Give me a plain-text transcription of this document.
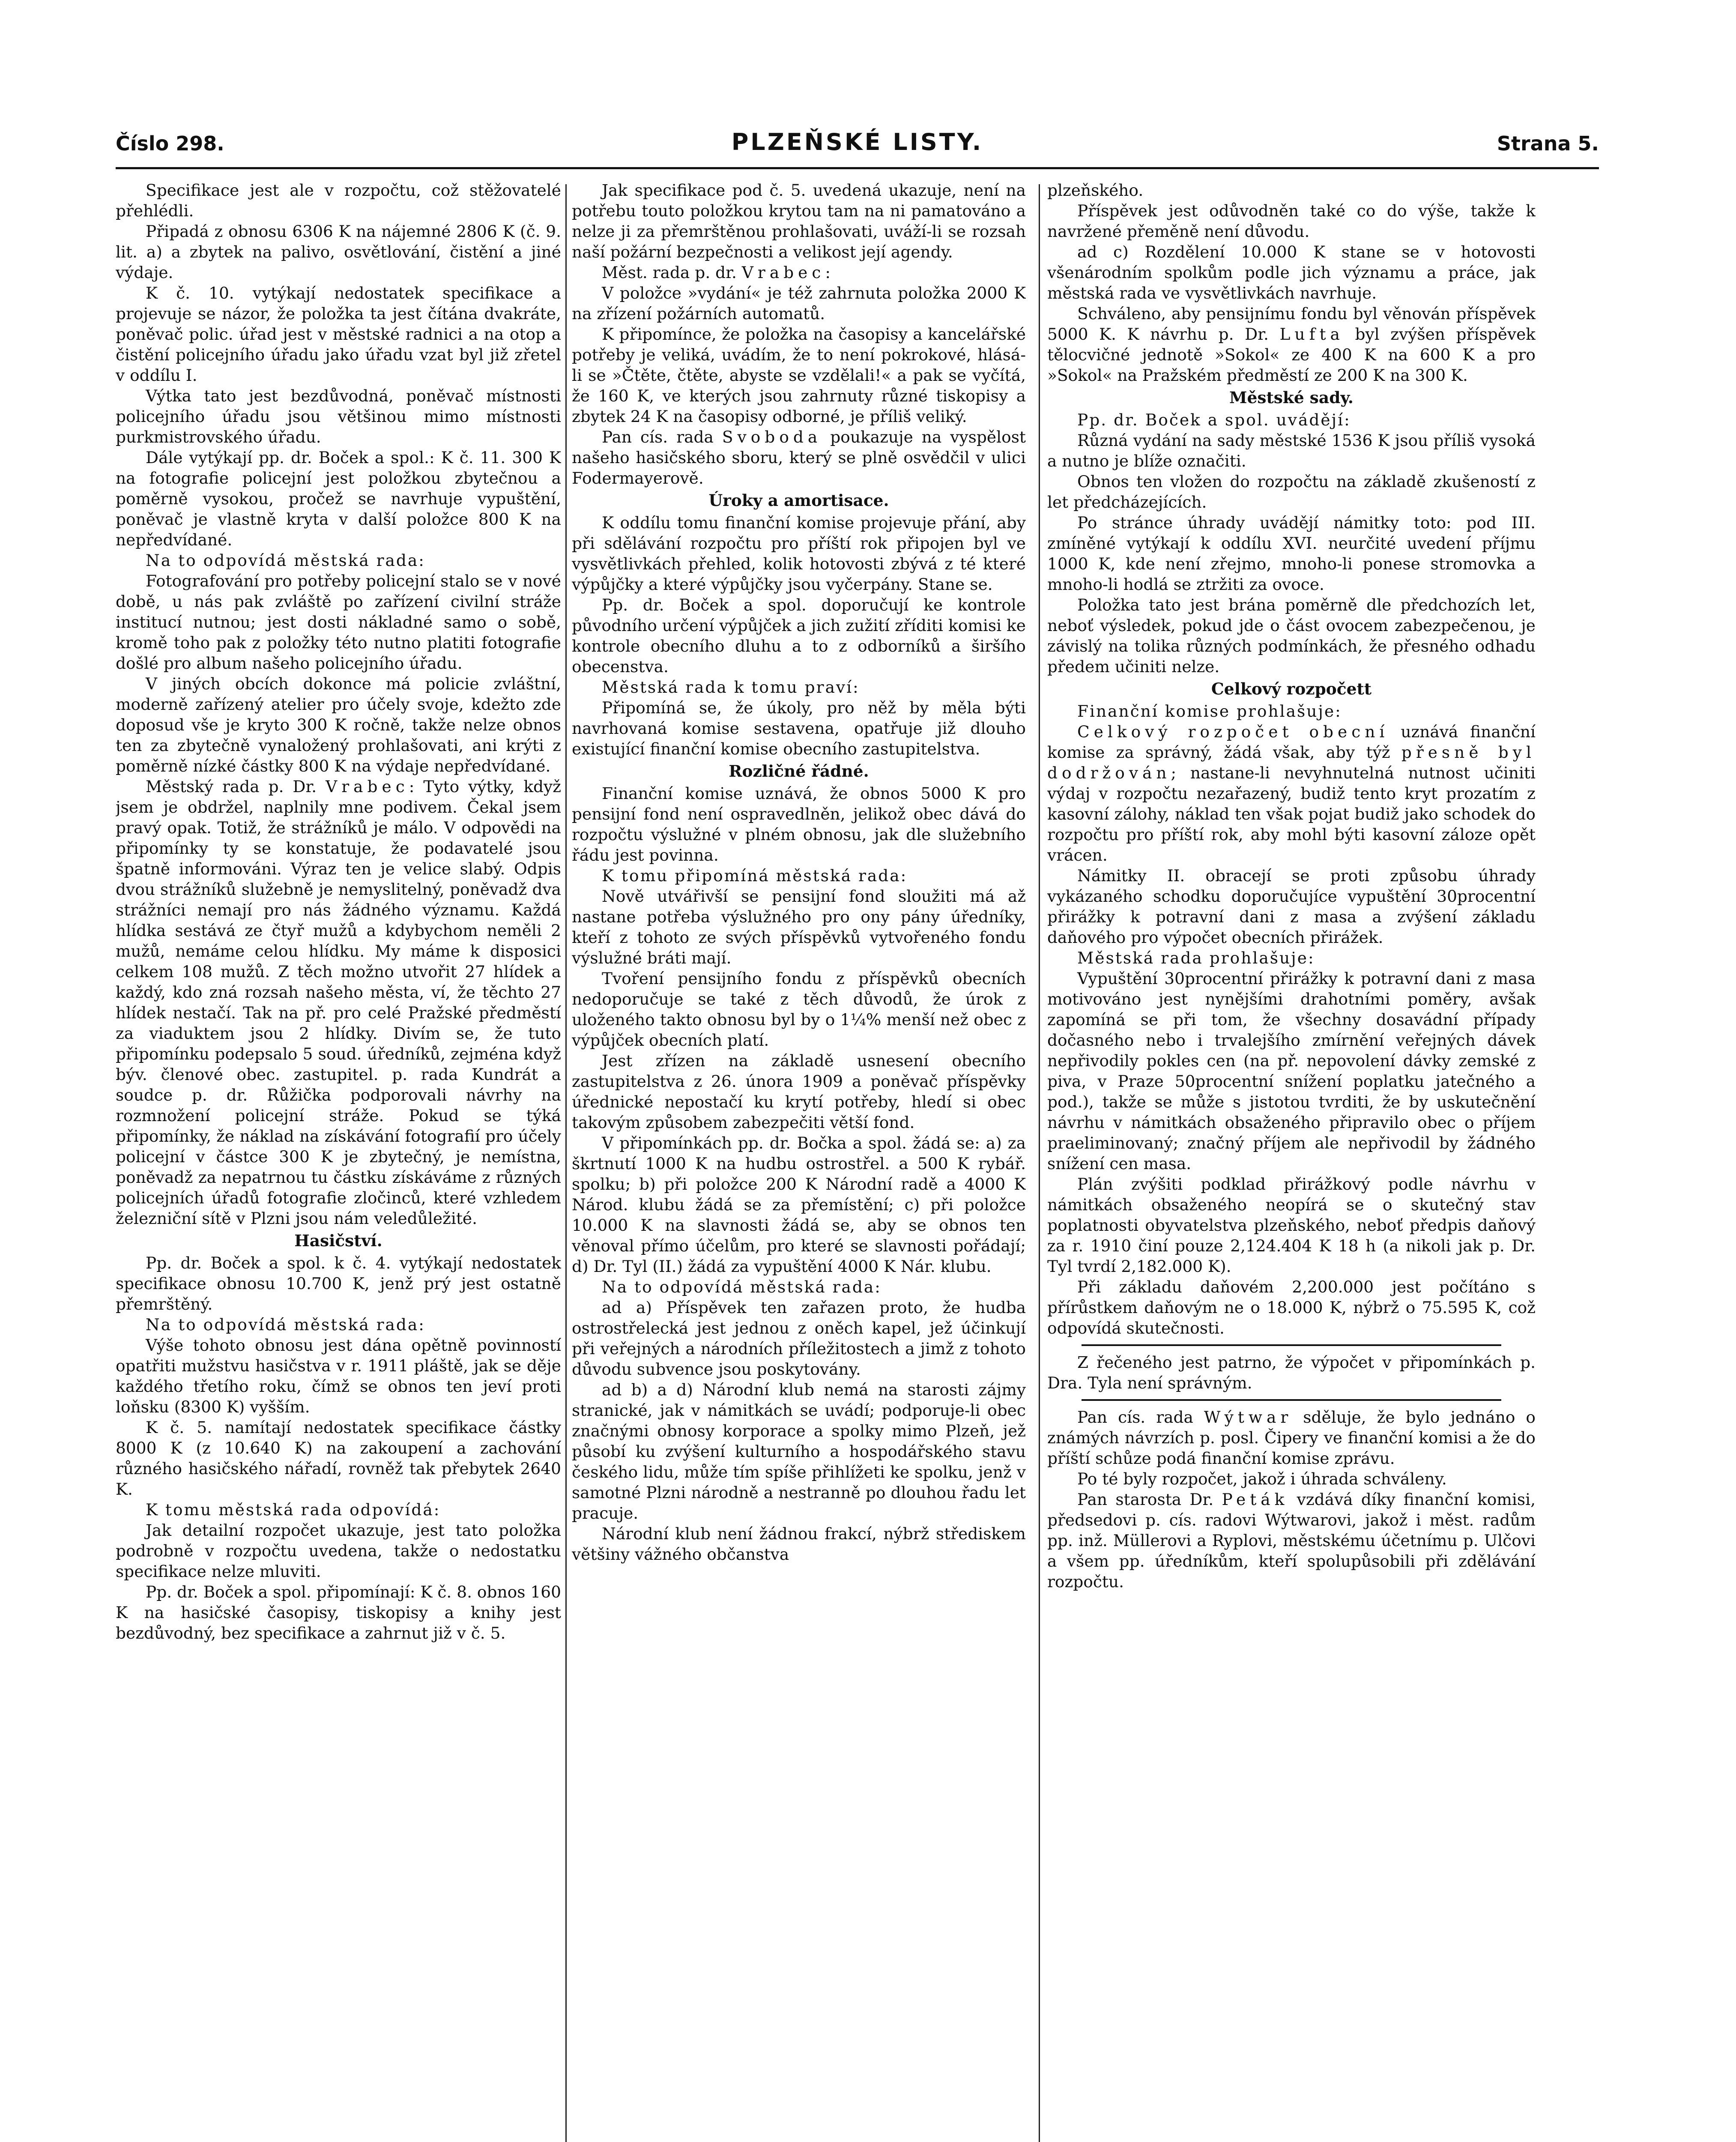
Číslo 298.	PLZEŇSKÉ LISTY.	Strana 5.

Specifikace jest ale v rozpočtu, což stěžovatelé přehlédli.

Připadá z obnosu 6306 K na nájemné 2806 K (č. 9. lit. a) a zbytek na palivo, osvětlování, čistění a jiné výdaje.

K č. 10. vytýkají nedostatek specifikace a projevuje se názor, že položka ta jest čítána dvakráte, poněvač polic. úřad jest v městské radnici a na otop a čistění policejního úřadu jako úřadu vzat byl již zřetel v oddílu I.

Výtka tato jest bezdůvodná, poněvač místnosti policejního úřadu jsou většinou mimo místnosti purkmistrovského úřadu.

Dále vytýkají pp. dr. Boček a spol.: K č. 11. 300 K na fotografie policejní jest položkou zbytečnou a poměrně vysokou, pročež se navrhuje vypuštění, poněvač je vlastně kryta v další položce 800 K na nepředvídané.

Na to odpovídá městská rada:

Fotografování pro potřeby policejní stalo se v nové době, u nás pak zvláště po zařízení civilní stráže institucí nutnou; jest dosti nákladné samo o sobě, kromě toho pak z položky této nutno platiti fotografie došlé pro album našeho policejního úřadu.

V jiných obcích dokonce má policie zvláštní, moderně zařízený atelier pro účely svoje, kdežto zde doposud vše je kryto 300 K ročně, takže nelze obnos ten za zbytečně vynaložený prohlašovati, ani krýti z poměrně nízké částky 800 K na výdaje nepředvídané.

Městský rada p. Dr. Vrabec: Tyto výtky, když jsem je obdržel, naplnily mne podivem. Čekal jsem pravý opak. Totiž, že strážníků je málo. V odpovědi na připomínky ty se konstatuje, že podavatelé jsou špatně informováni. Výraz ten je velice slabý. Odpis dvou strážníků služebně je nemyslitelný, poněvadž dva strážníci nemají pro nás žádného významu. Každá hlídka sestává ze čtyř mužů a kdybychom neměli 2 mužů, nemáme celou hlídku. My máme k disposici celkem 108 mužů. Z těch možno utvořit 27 hlídek a každý, kdo zná rozsah našeho města, ví, že těchto 27 hlídek nestačí. Tak na př. pro celé Pražské předměstí za viaduktem jsou 2 hlídky. Divím se, že tuto připomínku podepsalo 5 soud. úředníků, zejména když býv. členové obec. zastupitel. p. rada Kundrát a soudce p. dr. Růžička podporovali návrhy na rozmnožení policejní stráže. Pokud se týká připomínky, že náklad na získávání fotografií pro účely policejní v částce 300 K je zbytečný, je nemístna, poněvadž za nepatrnou tu částku získáváme z různých policejních úřadů fotografie zločinců, které vzhledem železniční sítě v Plzni jsou nám veledůležité.

Hasičství.

Pp. dr. Boček a spol. k č. 4. vytýkají nedostatek specifikace obnosu 10.700 K, jenž prý jest ostatně přemrštěný.

Na to odpovídá městská rada:

Výše tohoto obnosu jest dána opětně povinností opatřiti mužstvu hasičstva v r. 1911 pláště, jak se děje každého třetího roku, čímž se obnos ten jeví proti loňsku (8300 K) vyšším.

K č. 5. namítají nedostatek specifikace částky 8000 K (z 10.640 K) na zakoupení a zachování různého hasičského nářadí, rovněž tak přebytek 2640 K.

K tomu městská rada odpovídá:

Jak detailní rozpočet ukazuje, jest tato položka podrobně v rozpočtu uvedena, takže o nedostatku specifikace nelze mluviti.

Pp. dr. Boček a spol. připomínají: K č. 8. obnos 160 K na hasičské časopisy, tiskopisy a knihy jest bezdůvodný, bez specifikace a zahrnut již v č. 5.

Jak specifikace pod č. 5. uvedená ukazuje, není na potřebu touto položkou krytou tam na ni pamatováno a nelze ji za přemrštěnou prohlašovati, uváží-li se rozsah naší požární bezpečnosti a velikost její agendy.

Měst. rada p. dr. Vrabec:

V položce »vydání« je též zahrnuta položka 2000 K na zřízení požárních automatů.

K připomínce, že položka na časopisy a kancelářské potřeby je veliká, uvádím, že to není pokrokové, hlásá-li se »Čtěte, čtěte, abyste se vzdělali!« a pak se vyčítá, že 160 K, ve kterých jsou zahrnuty různé tiskopisy a zbytek 24 K na časopisy odborné, je příliš veliký.

Pan cís. rada Svoboda poukazuje na vyspělost našeho hasičského sboru, který se plně osvědčil v ulici Fodermayerově.

Úroky a amortisace.

K oddílu tomu finanční komise projevuje přání, aby při sdělávání rozpočtu pro příští rok připojen byl ve vysvětlivkách přehled, kolik hotovosti zbývá z té které výpůjčky a které výpůjčky jsou vyčerpány. Stane se.

Pp. dr. Boček a spol. doporučují ke kontrole původního určení výpůjček a jich zužití zříditi komisi ke kontrole obecního dluhu a to z odborníků a širšího obecenstva.

Městská rada k tomu praví:

Připomíná se, že úkoly, pro něž by měla býti navrhovaná komise sestavena, opatřuje již dlouho existující finanční komise obecního zastupitelstva.

Rozličné řádné.

Finanční komise uznává, že obnos 5000 K pro pensijní fond není ospravedlněn, jelikož obec dává do rozpočtu výslužné v plném obnosu, jak dle služebního řádu jest povinna.

K tomu připomíná městská rada:

Nově utvářivší se pensijní fond sloužiti má až nastane potřeba výslužného pro ony pány úředníky, kteří z tohoto ze svých příspěvků vytvořeného fondu výslužné bráti mají.

Tvoření pensijního fondu z příspěvků obecních nedoporučuje se také z těch důvodů, že úrok z uloženého takto obnosu byl by o 1¼% menší než obec z výpůjček obecních platí.

Jest zřízen na základě usnesení obecního zastupitelstva z 26. února 1909 a poněvač příspěvky úřednické nepostačí ku krytí potřeby, hledí si obec takovým způsobem zabezpečiti větší fond.

V připomínkách pp. dr. Bočka a spol. žádá se: a) za škrtnutí 1000 K na hudbu ostrostřel. a 500 K rybář. spolku; b) při položce 200 K Národní radě a 4000 K Národ. klubu žádá se za přemístění; c) při položce 10.000 K na slavnosti žádá se, aby se obnos ten věnoval přímo účelům, pro které se slavnosti pořádají; d) Dr. Tyl (II.) žádá za vypuštění 4000 K Nár. klubu.

Na to odpovídá městská rada:

ad a) Příspěvek ten zařazen proto, že hudba ostrostřelecká jest jednou z oněch kapel, jež účinkují při veřejných a národních příležitostech a jimž z tohoto důvodu subvence jsou poskytovány.

ad b) a d) Národní klub nemá na starosti zájmy stranické, jak v námitkách se uvádí; podporuje-li obec značnými obnosy korporace a spolky mimo Plzeň, jež působí ku zvýšení kulturního a hospodářského stavu českého lidu, může tím spíše přihlížeti ke spolku, jenž v samotné Plzni národně a nestranně po dlouhou řadu let pracuje.

Národní klub není žádnou frakcí, nýbrž střediskem většiny vážného občanstva

plzeňského.

Příspěvek jest odůvodněn také co do výše, takže k navržené přeměně není důvodu.

ad c) Rozdělení 10.000 K stane se v hotovosti všenárodním spolkům podle jich významu a práce, jak městská rada ve vysvětlivkách navrhuje.

Schváleno, aby pensijnímu fondu byl věnován příspěvek 5000 K. K návrhu p. Dr. Lufta byl zvýšen příspěvek tělocvičné jednotě »Sokol« ze 400 K na 600 K a pro »Sokol« na Pražském předměstí ze 200 K na 300 K.

Městské sady.

Pp. dr. Boček a spol. uvádějí:

Různá vydání na sady městské 1536 K jsou příliš vysoká a nutno je blíže označiti.

Obnos ten vložen do rozpočtu na základě zkušeností z let předcházejících.

Po stránce úhrady uvádějí námitky toto: pod III. zmíněné vytýkají k oddílu XVI. neurčité uvedení příjmu 1000 K, kde není zřejmo, mnoho-li ponese stromovka a mnoho-li hodlá se ztržiti za ovoce.

Položka tato jest brána poměrně dle předchozích let, neboť výsledek, pokud jde o část ovocem zabezpečenou, je závislý na tolika různých podmínkách, že přesného odhadu předem učiniti nelze.

Celkový rozpočett

Finanční komise prohlašuje:

Celkový rozpočet obecní uznává finanční komise za správný, žádá však, aby týž přesně byl dodržován; nastane-li nevyhnutelná nutnost učiniti výdaj v rozpočtu nezařazený, budiž tento kryt prozatím z kasovní zálohy, náklad ten však pojat budiž jako schodek do rozpočtu pro příští rok, aby mohl býti kasovní záloze opět vrácen.

Námitky II. obracejí se proti způsobu úhrady vykázaného schodku doporučujíce vypuštění 30procentní přirážky k potravní dani z masa a zvýšení základu daňového pro výpočet obecních přirážek.

Městská rada prohlašuje:

Vypuštění 30procentní přirážky k potravní dani z masa motivováno jest nynějšími drahotními poměry, avšak zapomíná se při tom, že všechny dosavádní případy dočasného nebo i trvalejšího zmírnění veřejných dávek nepřivodily pokles cen (na př. nepovolení dávky zemské z piva, v Praze 50procentní snížení poplatku jatečného a pod.), takže se může s jistotou tvrditi, že by uskutečnění návrhu v námitkách obsaženého připravilo obec o příjem praeliminovaný; značný příjem ale nepřivodil by žádného snížení cen masa.

Plán zvýšiti podklad přirážkový podle návrhu v námitkách obsaženého neopírá se o skutečný stav poplatnosti obyvatelstva plzeňského, neboť předpis daňový za r. 1910 činí pouze 2,124.404 K 18 h (a nikoli jak p. Dr. Tyl tvrdí 2,182.000 K).

Při základu daňovém 2,200.000 jest počítáno s přírůstkem daňovým ne o 18.000 K, nýbrž o 75.595 K, což odpovídá skutečnosti.

Z řečeného jest patrno, že výpočet v připomínkách p. Dra. Tyla není správným.

Pan cís. rada Wýtwar sděluje, že bylo jednáno o známých návrzích p. posl. Čipery ve finanční komisi a že do příští schůze podá finanční komise zprávu.

Po té byly rozpočet, jakož i úhrada schváleny.

Pan starosta Dr. Peták vzdává díky finanční komisi, předsedovi p. cís. radovi Wýtwarovi, jakož i měst. radům pp. inž. Müllerovi a Ryplovi, městskému účetnímu p. Ulčovi a všem pp. úředníkům, kteří spolupůsobili při zdělávání rozpočtu.
